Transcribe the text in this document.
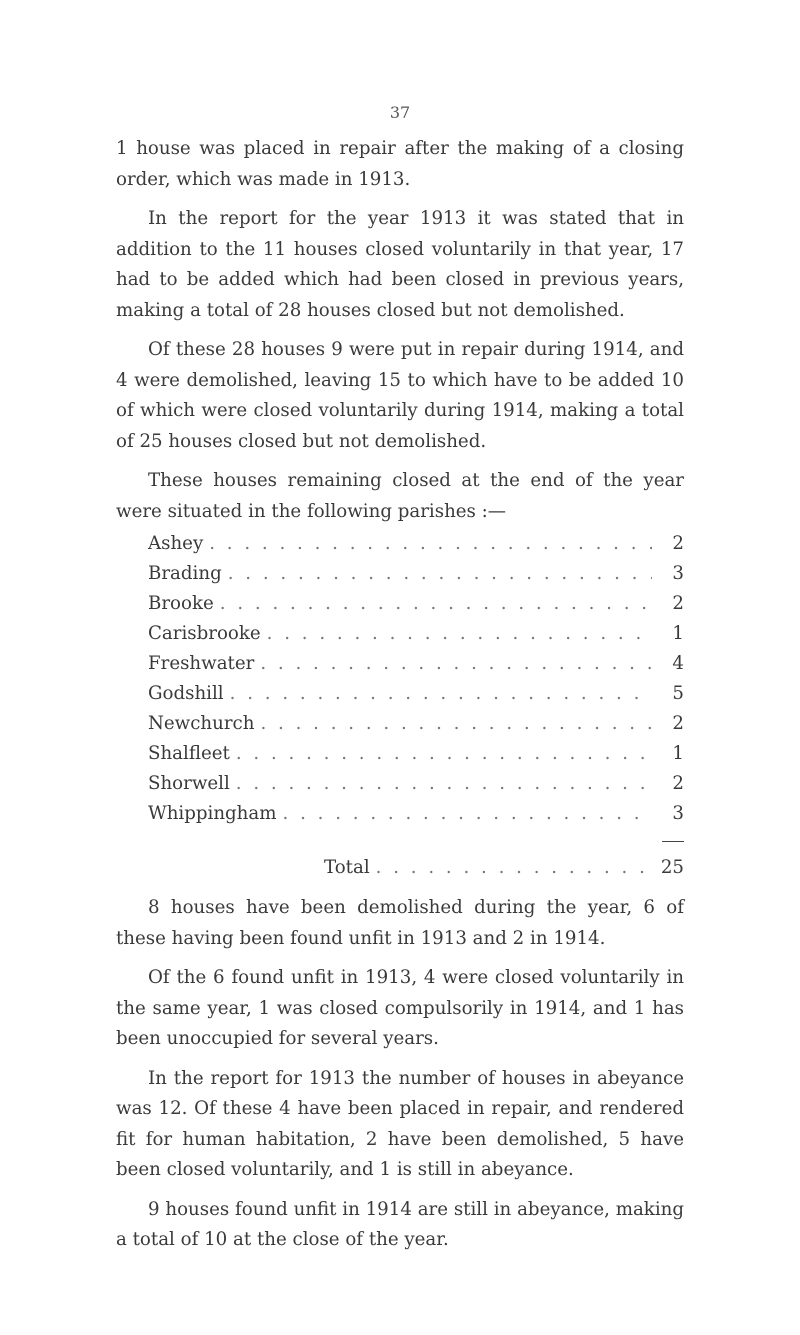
37

1 house was placed in repair after the making of a closing order, which was made in 1913.

In the report for the year 1913 it was stated that in addition to the 11 houses closed voluntarily in that year, 17 had to be added which had been closed in previous years, making a total of 28 houses closed but not demolished.

Of these 28 houses 9 were put in repair during 1914, and 4 were demolished, leaving 15 to which have to be added 10 of which were closed voluntarily during 1914, making a total of 25 houses closed but not demolished.

These houses remaining closed at the end of the year were situated in the following parishes :—

Ashey . . .	2
Brading . . .	3
Brooke . . .	2
Carisbrooke . . .	1
Freshwater . . .	4
Godshill . . .	5
Newchurch . . .	2
Shalfleet . . .	1
Shorwell . . .	2
Whippingham . . .	3
Total . . .	25

8 houses have been demolished during the year, 6 of these having been found unfit in 1913 and 2 in 1914.

Of the 6 found unfit in 1913, 4 were closed voluntarily in the same year, 1 was closed compulsorily in 1914, and 1 has been unoccupied for several years.

In the report for 1913 the number of houses in abeyance was 12. Of these 4 have been placed in repair, and rendered fit for human habitation, 2 have been demolished, 5 have been closed voluntarily, and 1 is still in abeyance.

9 houses found unfit in 1914 are still in abeyance, making a total of 10 at the close of the year.
